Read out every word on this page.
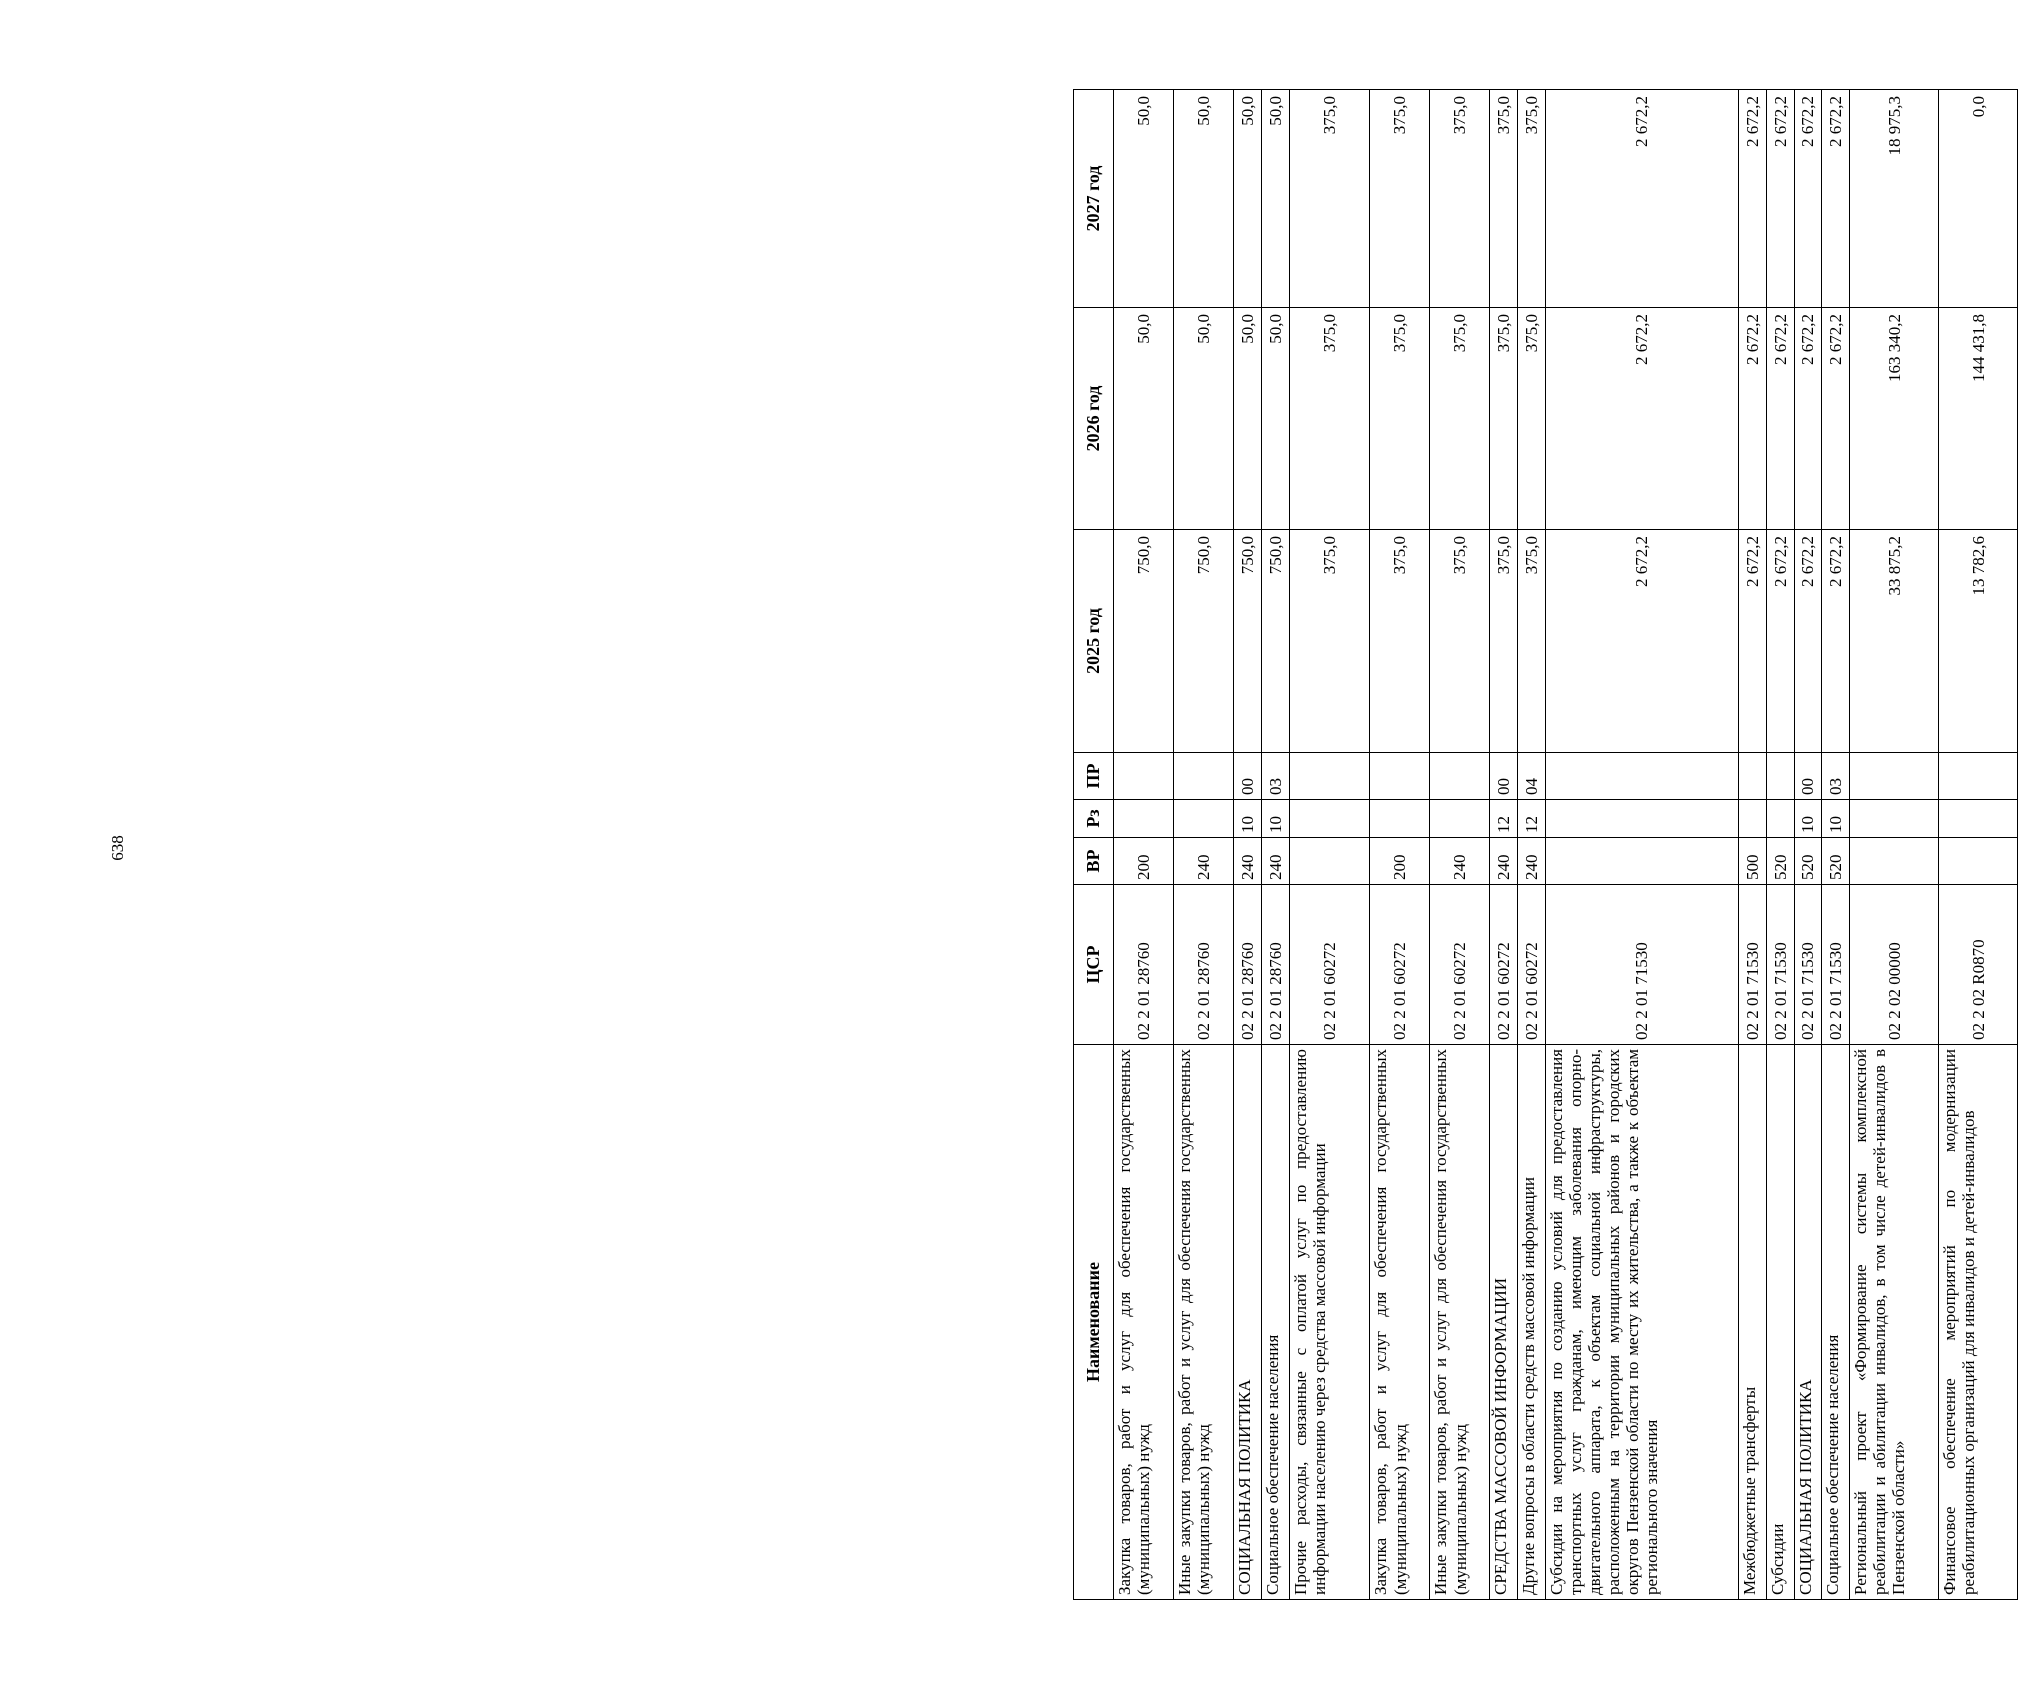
638
Наименование	ЦСР	ВР	Рз	ПР	2025 год	2026 год	2027 год
Закупка товаров, работ и услуг для обеспечения государственных (муниципальных) нужд	02 2 01 28760	200			750,0	50,0	50,0
Иные закупки товаров, работ и услуг для обеспечения государственных (муниципальных) нужд	02 2 01 28760	240			750,0	50,0	50,0
СОЦИАЛЬНАЯ ПОЛИТИКА	02 2 01 28760	240	10	00	750,0	50,0	50,0
Социальное обеспечение населения	02 2 01 28760	240	10	03	750,0	50,0	50,0
Прочие расходы, связанные с оплатой услуг по предоставлению информации населению через средства массовой информации	02 2 01 60272				375,0	375,0	375,0
Закупка товаров, работ и услуг для обеспечения государственных (муниципальных) нужд	02 2 01 60272	200			375,0	375,0	375,0
Иные закупки товаров, работ и услуг для обеспечения государственных (муниципальных) нужд	02 2 01 60272	240			375,0	375,0	375,0
СРЕДСТВА МАССОВОЙ ИНФОРМАЦИИ	02 2 01 60272	240	12	00	375,0	375,0	375,0
Другие вопросы в области средств массовой информации	02 2 01 60272	240	12	04	375,0	375,0	375,0
Субсидии на мероприятия по созданию условий для предоставления транспортных услуг гражданам, имеющим заболевания опорно-двигательного аппарата, к объектам социальной инфраструктуры, расположенным на территории муниципальных районов и городских округов Пензенской области по месту их жительства, а также к объектам регионального значения	02 2 01 71530				2 672,2	2 672,2	2 672,2
Межбюджетные трансферты	02 2 01 71530	500			2 672,2	2 672,2	2 672,2
Субсидии	02 2 01 71530	520			2 672,2	2 672,2	2 672,2
СОЦИАЛЬНАЯ ПОЛИТИКА	02 2 01 71530	520	10	00	2 672,2	2 672,2	2 672,2
Социальное обеспечение населения	02 2 01 71530	520	10	03	2 672,2	2 672,2	2 672,2
Региональный проект «Формирование системы комплексной реабилитации и абилитации инвалидов, в том числе детей-инвалидов в Пензенской области»	02 2 02 00000				33 875,2	163 340,2	18 975,3
Финансовое обеспечение мероприятий по модернизации реабилитационных организаций для инвалидов и детей-инвалидов	02 2 02 R0870				13 782,6	144 431,8	0,0
